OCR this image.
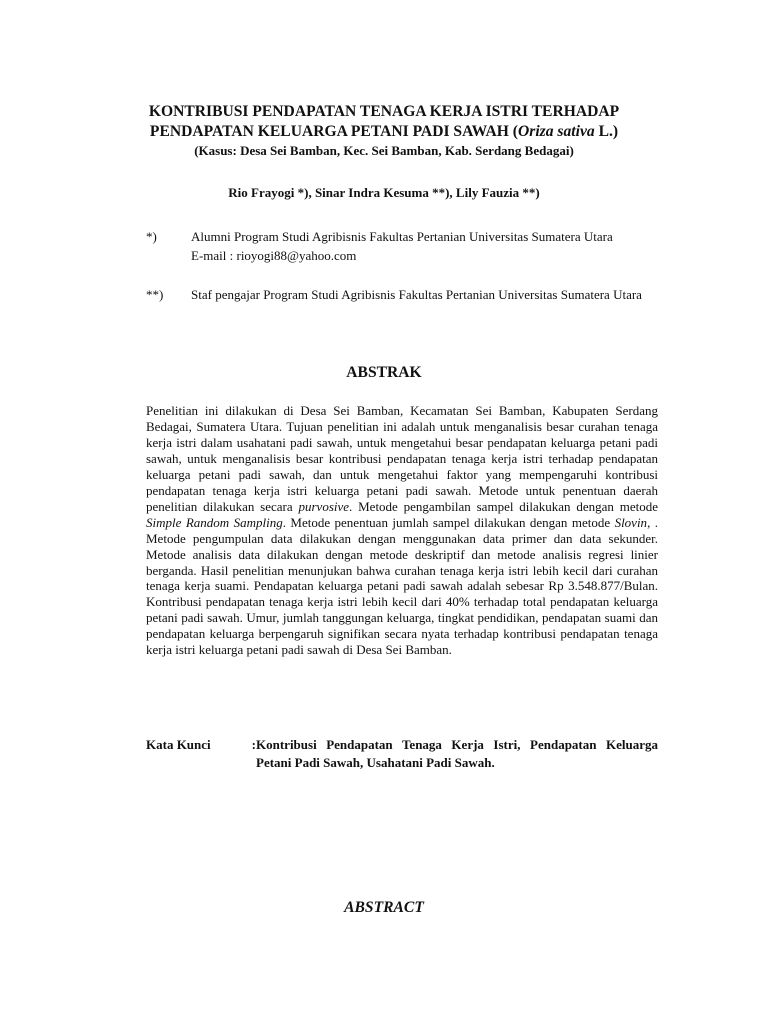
KONTRIBUSI PENDAPATAN TENAGA KERJA ISTRI TERHADAP
PENDAPATAN KELUARGA PETANI PADI SAWAH (Oriza sativa L.)
(Kasus: Desa Sei Bamban, Kec. Sei Bamban, Kab. Serdang Bedagai)
Rio Frayogi *), Sinar Indra Kesuma **), Lily Fauzia **)
*)	Alumni Program Studi Agribisnis Fakultas Pertanian Universitas Sumatera Utara
E-mail : rioyogi88@yahoo.com
**) Staf pengajar Program Studi Agribisnis Fakultas Pertanian Universitas Sumatera Utara
ABSTRAK
Penelitian ini dilakukan di Desa Sei Bamban, Kecamatan Sei Bamban, Kabupaten Serdang Bedagai, Sumatera Utara. Tujuan penelitian ini adalah untuk menganalisis besar curahan tenaga kerja istri dalam usahatani padi sawah, untuk mengetahui besar pendapatan keluarga petani padi sawah, untuk menganalisis besar kontribusi pendapatan tenaga kerja istri terhadap pendapatan keluarga petani padi sawah, dan untuk mengetahui faktor yang mempengaruhi kontribusi pendapatan tenaga kerja istri keluarga petani padi sawah. Metode untuk penentuan daerah penelitian dilakukan secara purvosive. Metode pengambilan sampel dilakukan dengan metode Simple Random Sampling. Metode penentuan jumlah sampel dilakukan dengan metode Slovin, . Metode pengumpulan data dilakukan dengan menggunakan data primer dan data sekunder. Metode analisis data dilakukan dengan metode deskriptif dan metode analisis regresi linier berganda. Hasil penelitian menunjukan bahwa curahan tenaga kerja istri lebih kecil dari curahan tenaga kerja suami. Pendapatan keluarga petani padi sawah adalah sebesar Rp 3.548.877/Bulan. Kontribusi pendapatan tenaga kerja istri lebih kecil dari 40% terhadap total pendapatan keluarga petani padi sawah. Umur, jumlah tanggungan keluarga, tingkat pendidikan, pendapatan suami dan pendapatan keluarga berpengaruh signifikan secara nyata terhadap kontribusi pendapatan tenaga kerja istri keluarga petani padi sawah di Desa Sei Bamban.
Kata Kunci	: Kontribusi Pendapatan Tenaga Kerja Istri, Pendapatan Keluarga Petani Padi Sawah, Usahatani Padi Sawah.
ABSTRACT
